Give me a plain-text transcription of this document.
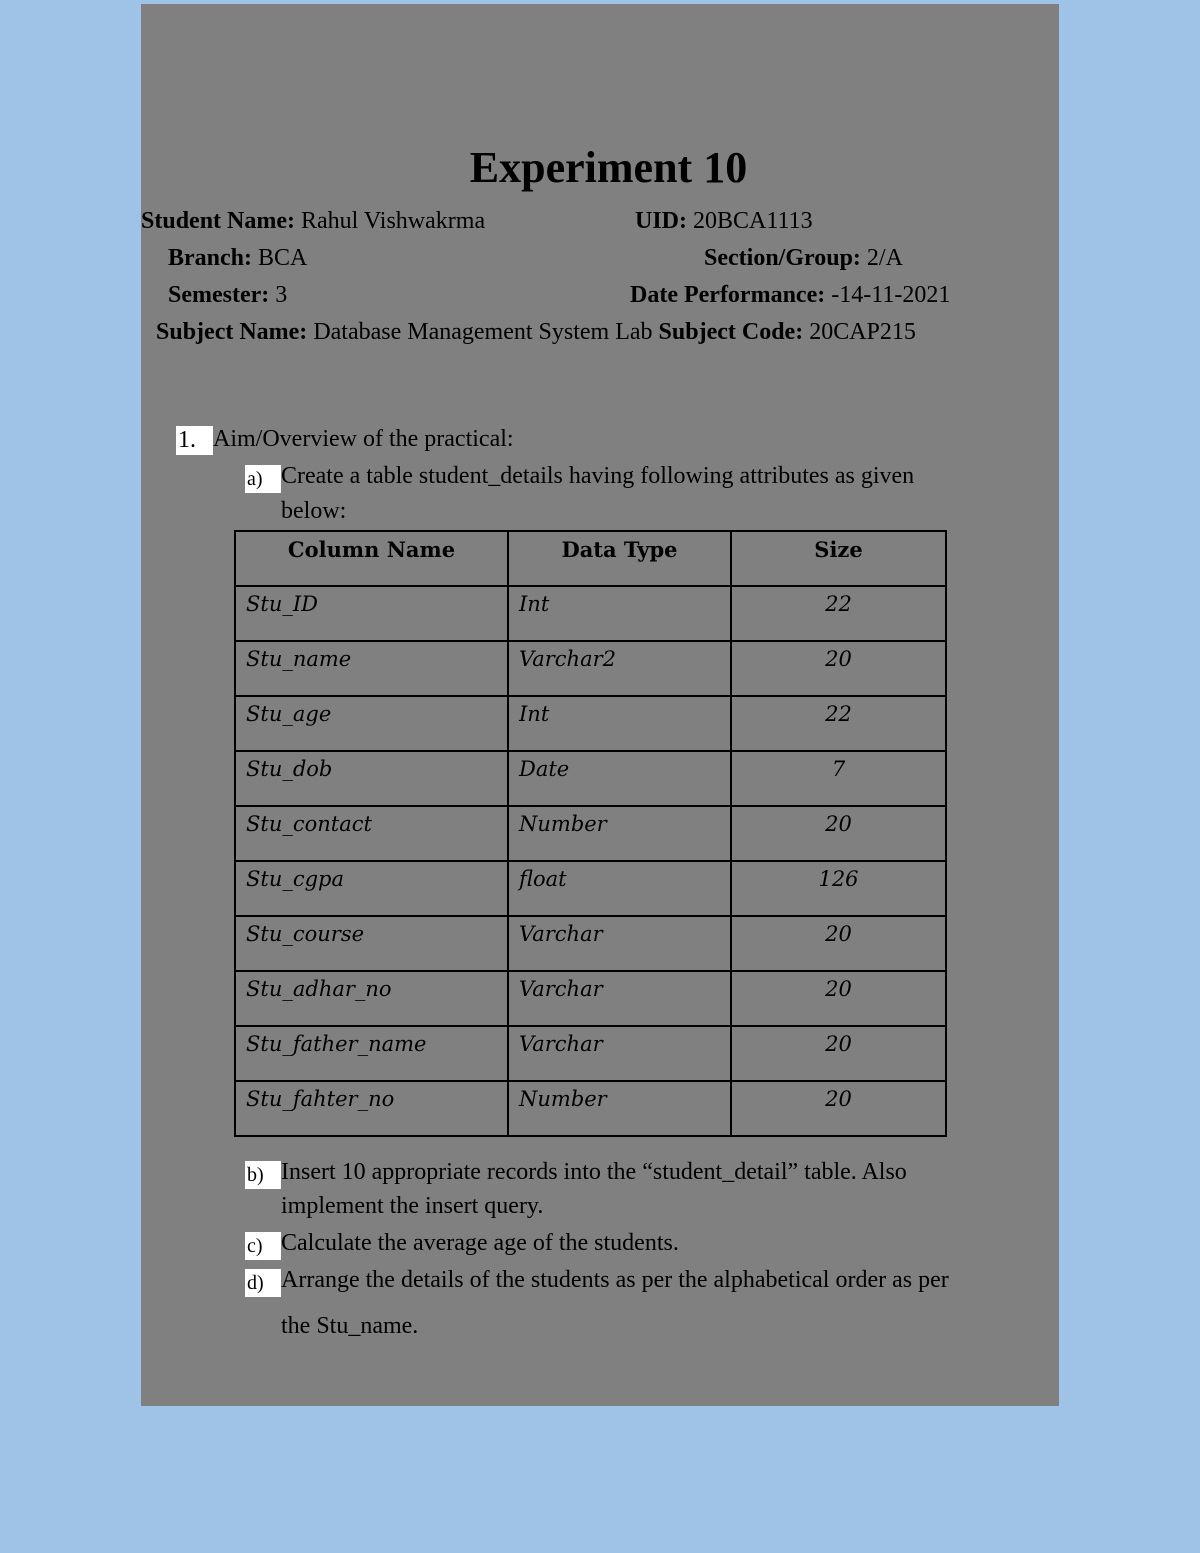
Experiment 10
Student Name: Rahul Vishwakrma	UID: 20BCA1113
Branch: BCA	Section/Group: 2/A
Semester: 3	Date Performance: -14-11-2021
Subject Name: Database Management System Lab Subject Code: 20CAP215
1. Aim/Overview of the practical:
a) Create a table student_details having following attributes as given
below:
Column Name	Data Type	Size
Stu_ID	Int	22
Stu_name	Varchar2	20
Stu_age	Int	22
Stu_dob	Date	7
Stu_contact	Number	20
Stu_cgpa	float	126
Stu_course	Varchar	20
Stu_adhar_no	Varchar	20
Stu_father_name	Varchar	20
Stu_fahter_no	Number	20
b) Insert 10 appropriate records into the “student_detail” table. Also
implement the insert query.
c) Calculate the average age of the students.
d) Arrange the details of the students as per the alphabetical order as per
the Stu_name.
